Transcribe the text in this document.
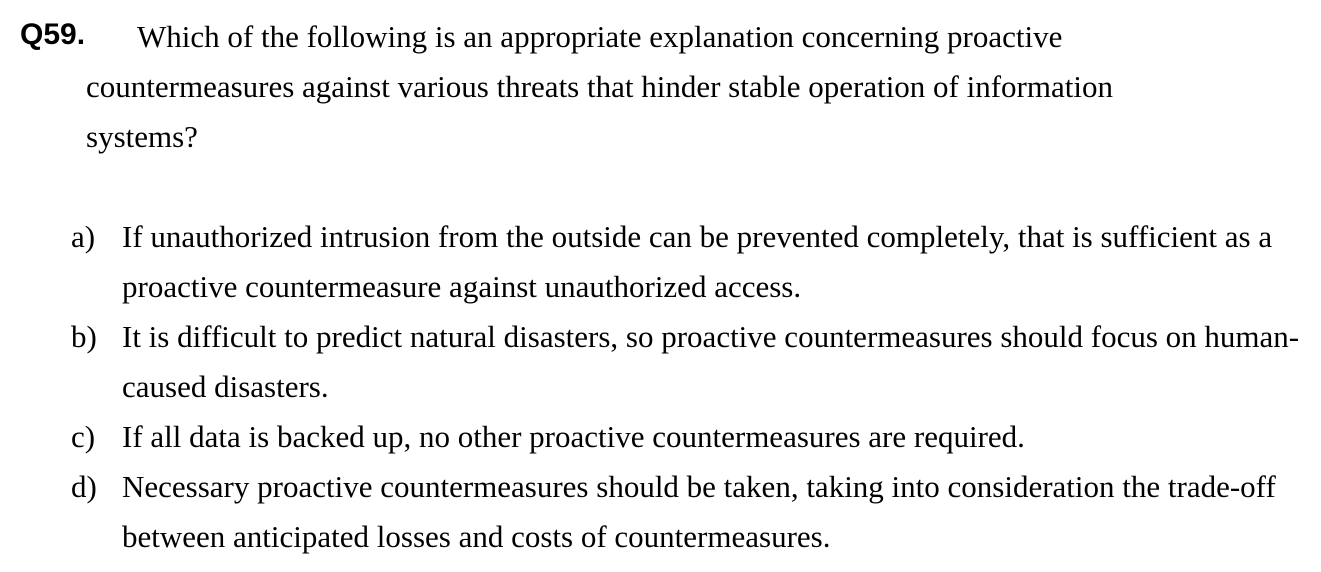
Q59.	Which of the following is an appropriate explanation concerning proactive
countermeasures against various threats that hinder stable operation of information systems?
a) If unauthorized intrusion from the outside can be prevented completely, that is sufficient as a proactive countermeasure against unauthorized access.
b) It is difficult to predict natural disasters, so proactive countermeasures should focus on human-caused disasters.
c) If all data is backed up, no other proactive countermeasures are required.
d) Necessary proactive countermeasures should be taken, taking into consideration the trade-off between anticipated losses and costs of countermeasures.
